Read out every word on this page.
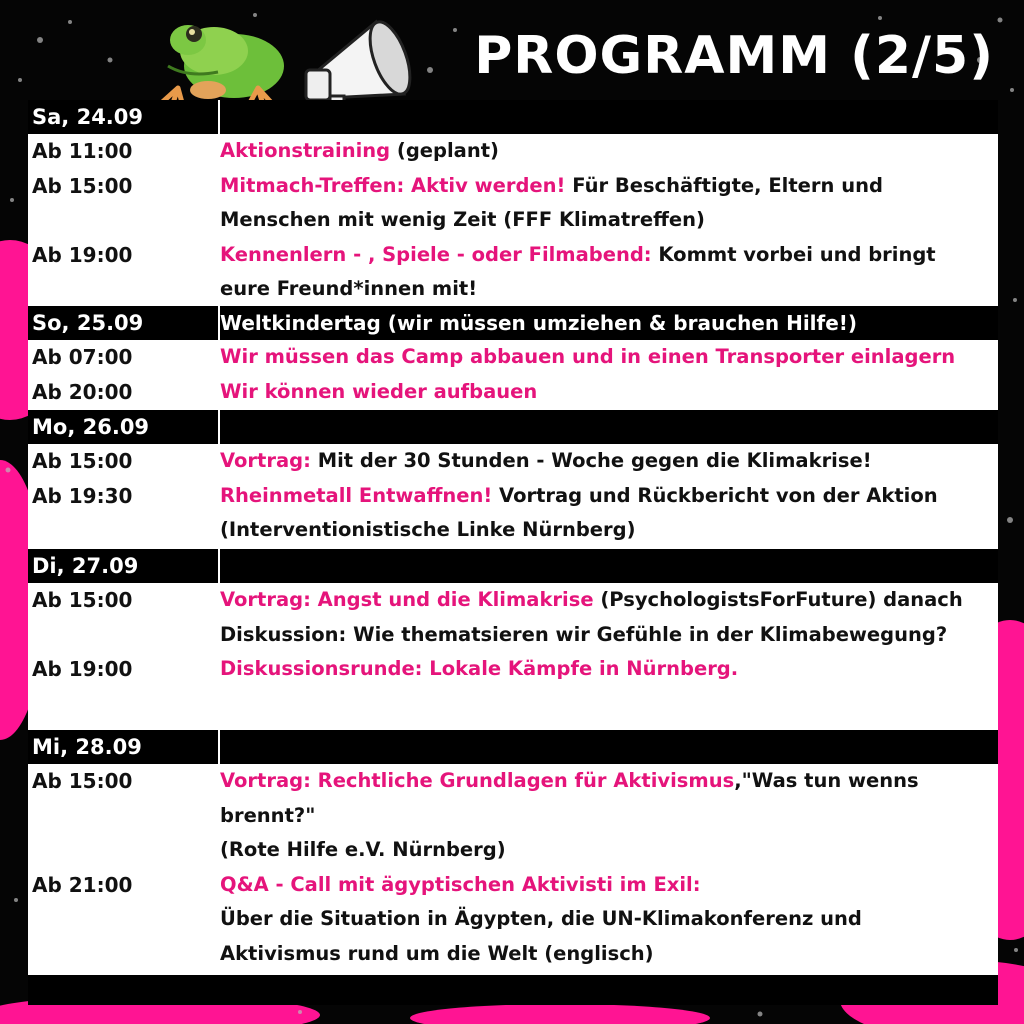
PROGRAMM (2/5)
Sa, 24.09
Ab 11:00	Aktionstraining (geplant)
Ab 15:00	Mitmach-Treffen: Aktiv werden! Für Beschäftigte, Eltern und Menschen mit wenig Zeit (FFF Klimatreffen)
Ab 19:00	Kennenlern - , Spiele - oder Filmabend: Kommt vorbei und bringt eure Freund*innen mit!
So, 25.09	Weltkindertag (wir müssen umziehen & brauchen Hilfe!)
Ab 07:00	Wir müssen das Camp abbauen und in einen Transporter einlagern
Ab 20:00	Wir können wieder aufbauen
Mo, 26.09
Ab 15:00	Vortrag: Mit der 30 Stunden - Woche gegen die Klimakrise!
Ab 19:30	Rheinmetall Entwaffnen! Vortrag und Rückbericht von der Aktion (Interventionistische Linke Nürnberg)
Di, 27.09
Ab 15:00	Vortrag: Angst und die Klimakrise (PsychologistsForFuture) danach Diskussion: Wie thematsieren wir Gefühle in der Klimabewegung?
Ab 19:00	Diskussionsrunde: Lokale Kämpfe in Nürnberg.
Mi, 28.09
Ab 15:00	Vortrag: Rechtliche Grundlagen für Aktivismus,"Was tun wenns brennt?"
(Rote Hilfe e.V. Nürnberg)
Ab 21:00	Q&A - Call mit ägyptischen Aktivisti im Exil:
Über die Situation in Ägypten, die UN-Klimakonferenz und Aktivismus rund um die Welt (englisch)
